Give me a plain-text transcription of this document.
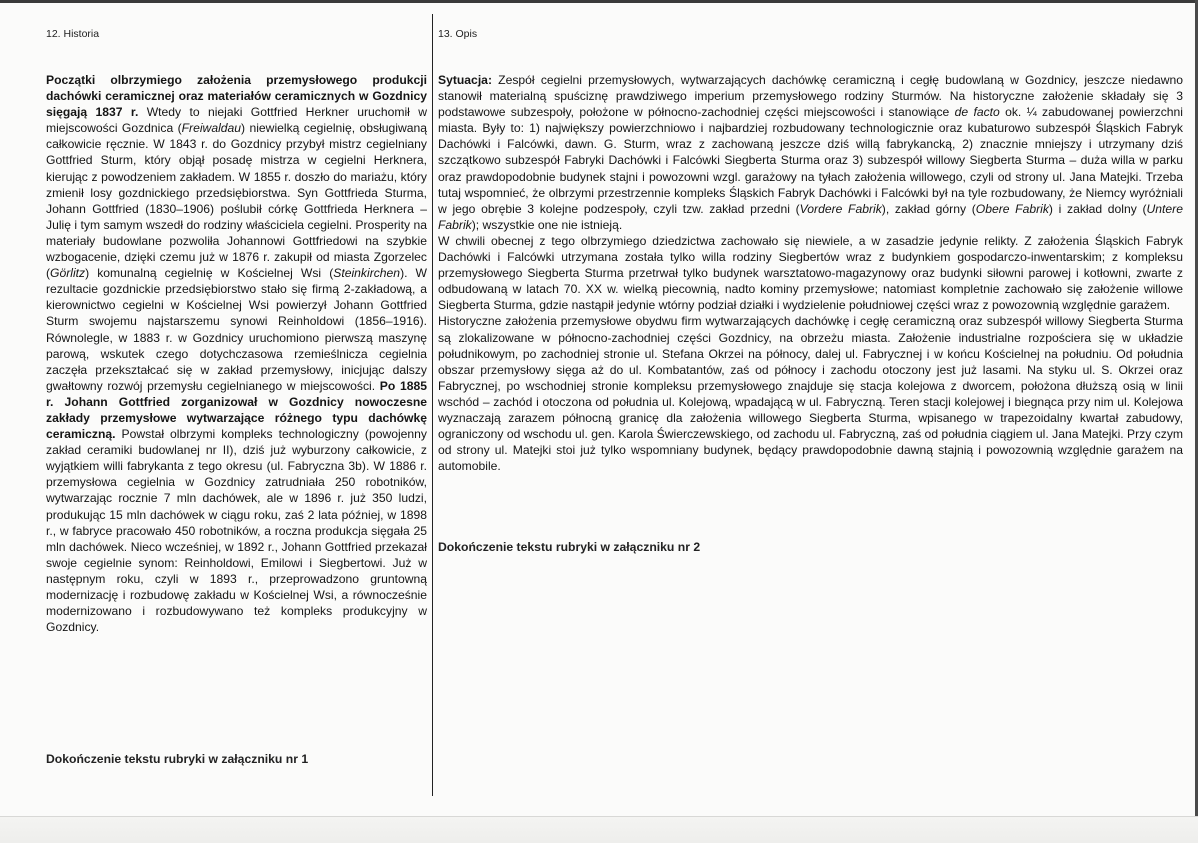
12. Historia	13. Opis

Początki olbrzymiego założenia przemysłowego produkcji dachówki ceramicznej oraz materiałów ceramicznych w Gozdnicy sięgają 1837 r. Wtedy to niejaki Gottfried Herkner uruchomił w miejscowości Gozdnica (Freiwaldau) niewielką cegielnię, obsługiwaną całkowicie ręcznie. W 1843 r. do Gozdnicy przybył mistrz cegielniany Gottfried Sturm, który objął posadę mistrza w cegielni Herknera, kierując z powodzeniem zakładem. W 1855 r. doszło do mariażu, który zmienił losy gozdnickiego przedsiębiorstwa. Syn Gottfrieda Sturma, Johann Gottfried (1830–1906) poślubił córkę Gottfrieda Herknera – Julię i tym samym wszedł do rodziny właściciela cegielni. Prosperity na materiały budowlane pozwoliła Johannowi Gottfriedowi na szybkie wzbogacenie, dzięki czemu już w 1876 r. zakupił od miasta Zgorzelec (Görlitz) komunalną cegielnię w Kościelnej Wsi (Steinkirchen). W rezultacie gozdnickie przedsiębiorstwo stało się firmą 2-zakładową, a kierownictwo cegielni w Kościelnej Wsi powierzył Johann Gottfried Sturm swojemu najstarszemu synowi Reinholdowi (1856–1916). Równolegle, w 1883 r. w Gozdnicy uruchomiono pierwszą maszynę parową, wskutek czego dotychczasowa rzemieślnicza cegielnia zaczęła przekształcać się w zakład przemysłowy, inicjując dalszy gwałtowny rozwój przemysłu cegielnianego w miejscowości. Po 1885 r. Johann Gottfried zorganizował w Gozdnicy nowoczesne zakłady przemysłowe wytwarzające różnego typu dachówkę ceramiczną. Powstał olbrzymi kompleks technologiczny (powojenny zakład ceramiki budowlanej nr II), dziś już wyburzony całkowicie, z wyjątkiem willi fabrykanta z tego okresu (ul. Fabryczna 3b). W 1886 r. przemysłowa cegielnia w Gozdnicy zatrudniała 250 robotników, wytwarzając rocznie 7 mln dachówek, ale w 1896 r. już 350 ludzi, produkując 15 mln dachówek w ciągu roku, zaś 2 lata później, w 1898 r., w fabryce pracowało 450 robotników, a roczna produkcja sięgała 25 mln dachówek. Nieco wcześniej, w 1892 r., Johann Gottfried przekazał swoje cegielnie synom: Reinholdowi, Emilowi i Siegbertowi. Już w następnym roku, czyli w 1893 r., przeprowadzono gruntowną modernizację i rozbudowę zakładu w Kościelnej Wsi, a równocześnie modernizowano i rozbudowywano też kompleks produkcyjny w Gozdnicy.

Dokończenie tekstu rubryki w załączniku nr 1

Sytuacja: Zespół cegielni przemysłowych, wytwarzających dachówkę ceramiczną i cegłę budowlaną w Gozdnicy, jeszcze niedawno stanowił materialną spuściznę prawdziwego imperium przemysłowego rodziny Sturmów. Na historyczne założenie składały się 3 podstawowe subzespoły, położone w północno-zachodniej części miejscowości i stanowiące de facto ok. ¼ zabudowanej powierzchni miasta. Były to: 1) największy powierzchniowo i najbardziej rozbudowany technologicznie oraz kubaturowo subzespół Śląskich Fabryk Dachówki i Falcówki, dawn. G. Sturm, wraz z zachowaną jeszcze dziś willą fabrykancką, 2) znacznie mniejszy i utrzymany dziś szczątkowo subzespół Fabryki Dachówki i Falcówki Siegberta Sturma oraz 3) subzespół willowy Siegberta Sturma – duża willa w parku oraz prawdopodobnie budynek stajni i powozowni wzgl. garażowy na tyłach założenia willowego, czyli od strony ul. Jana Matejki. Trzeba tutaj wspomnieć, że olbrzymi przestrzennie kompleks Śląskich Fabryk Dachówki i Falcówki był na tyle rozbudowany, że Niemcy wyróżniali w jego obrębie 3 kolejne podzespoły, czyli tzw. zakład przedni (Vordere Fabrik), zakład górny (Obere Fabrik) i zakład dolny (Untere Fabrik); wszystkie one nie istnieją.

W chwili obecnej z tego olbrzymiego dziedzictwa zachowało się niewiele, a w zasadzie jedynie relikty. Z założenia Śląskich Fabryk Dachówki i Falcówki utrzymana została tylko willa rodziny Siegbertów wraz z budynkiem gospodarczo-inwentarskim; z kompleksu przemysłowego Siegberta Sturma przetrwał tylko budynek warsztatowo-magazynowy oraz budynki siłowni parowej i kotłowni, zwarte z odbudowaną w latach 70. XX w. wielką piecownią, nadto kominy przemysłowe; natomiast kompletnie zachowało się założenie willowe Siegberta Sturma, gdzie nastąpił jedynie wtórny podział działki i wydzielenie południowej części wraz z powozownią względnie garażem.

Historyczne założenia przemysłowe obydwu firm wytwarzających dachówkę i cegłę ceramiczną oraz subzespół willowy Siegberta Sturma są zlokalizowane w północno-zachodniej części Gozdnicy, na obrzeżu miasta. Założenie industrialne rozpościera się w układzie południkowym, po zachodniej stronie ul. Stefana Okrzei na północy, dalej ul. Fabrycznej i w końcu Kościelnej na południu. Od południa obszar przemysłowy sięga aż do ul. Kombatantów, zaś od północy i zachodu otoczony jest już lasami. Na styku ul. S. Okrzei oraz Fabrycznej, po wschodniej stronie kompleksu przemysłowego znajduje się stacja kolejowa z dworcem, położona dłuższą osią w linii wschód – zachód i otoczona od południa ul. Kolejową, wpadającą w ul. Fabryczną. Teren stacji kolejowej i biegnąca przy nim ul. Kolejowa wyznaczają zarazem północną granicę dla założenia willowego Siegberta Sturma, wpisanego w trapezoidalny kwartał zabudowy, ograniczony od wschodu ul. gen. Karola Świerczewskiego, od zachodu ul. Fabryczną, zaś od południa ciągiem ul. Jana Matejki. Przy czym od strony ul. Matejki stoi już tylko wspomniany budynek, będący prawdopodobnie dawną stajnią i powozownią względnie garażem na automobile.

Dokończenie tekstu rubryki w załączniku nr 2
